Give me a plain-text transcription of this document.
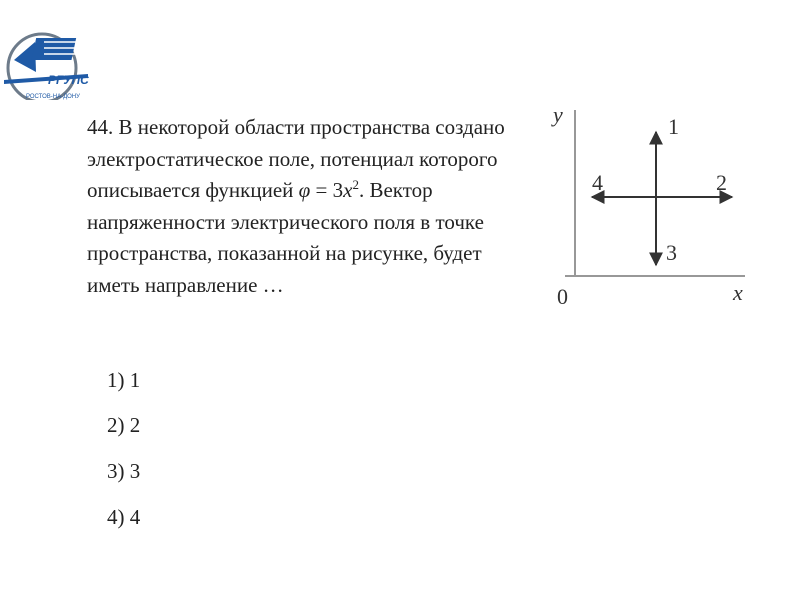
РГУПС
РОСТОВ-НА-ДОНУ
44. В некоторой области пространства создано электростатическое поле, потенциал которого описывается функцией $\varphi = 3x^2$. Вектор напряженности электрического поля в точке пространства, показанной на рисунке, будет иметь направление …
1) 1
2) 2
3) 3
4) 4
y
x
0
1
2
3
4
